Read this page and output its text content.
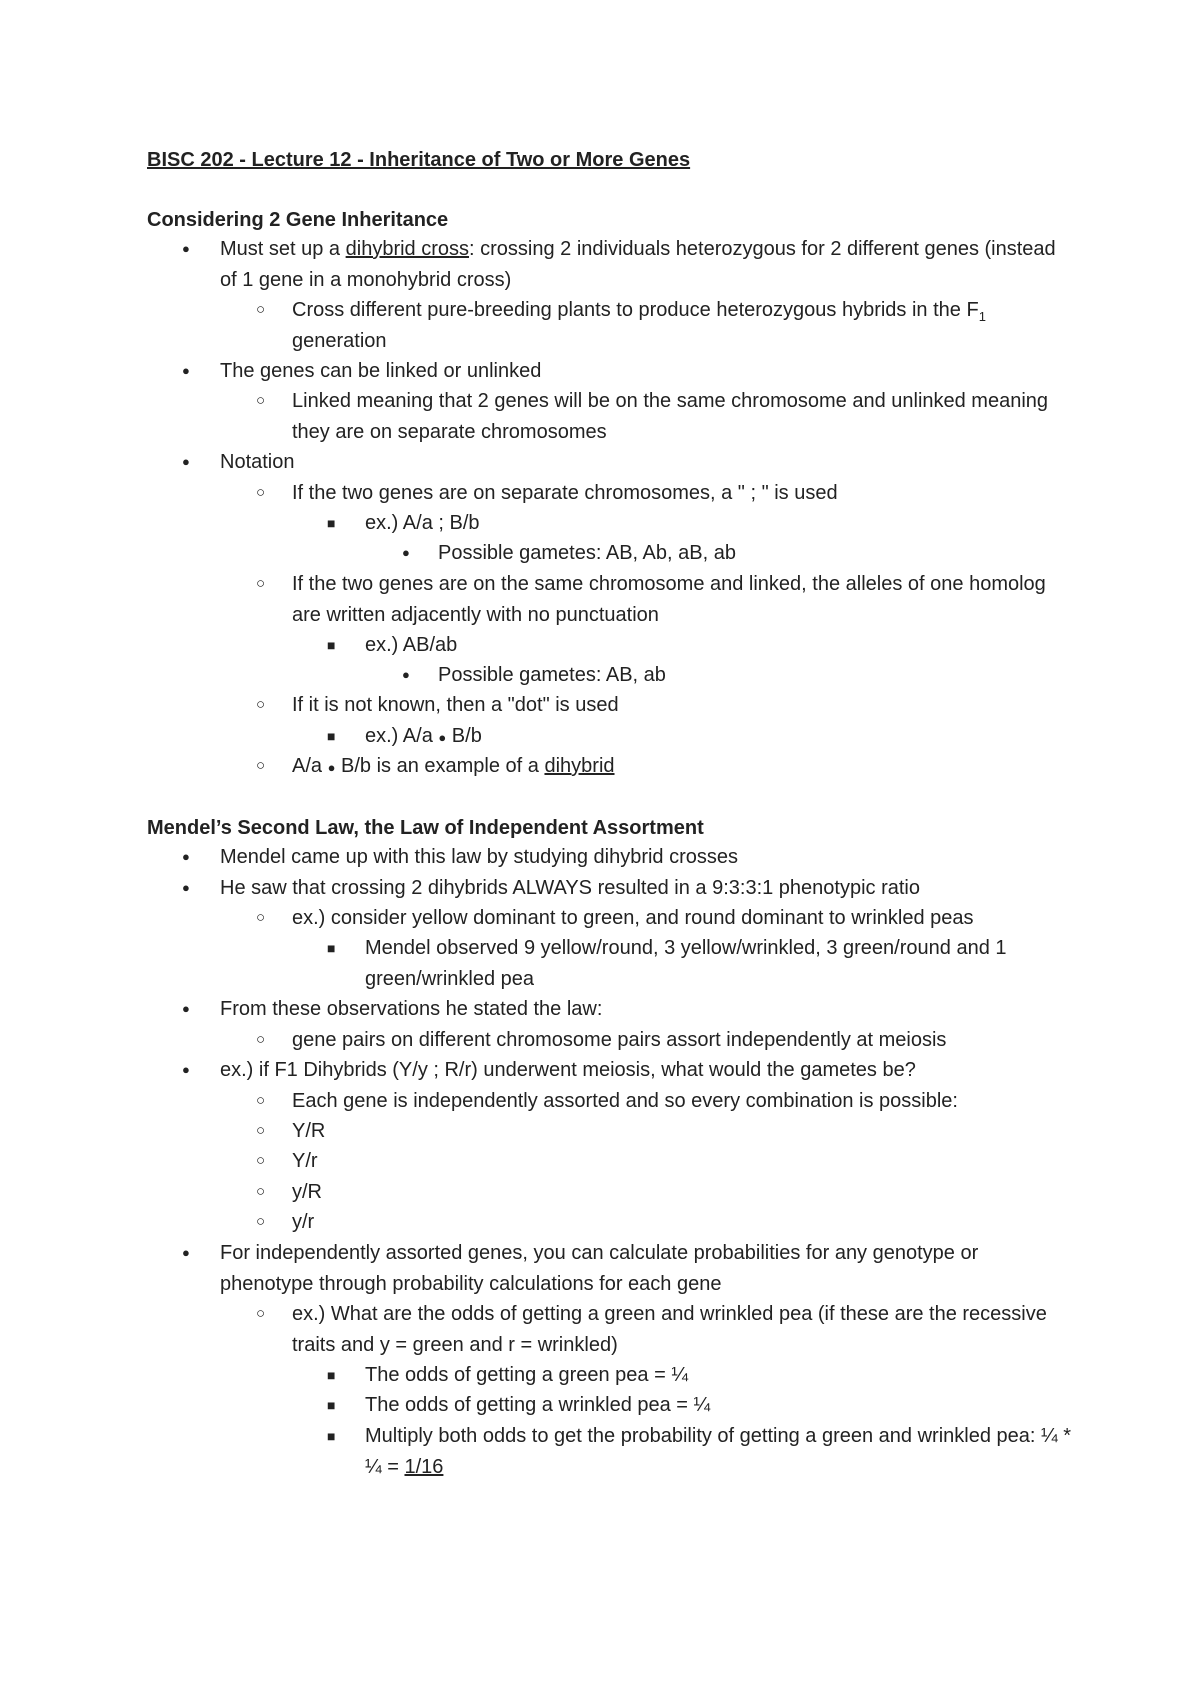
BISC 202 - Lecture 12 - Inheritance of Two or More Genes
Considering 2 Gene Inheritance
● Must set up a dihybrid cross: crossing 2 individuals heterozygous for 2 different genes (instead of 1 gene in a monohybrid cross)
○ Cross different pure-breeding plants to produce heterozygous hybrids in the $F_1$ generation
● The genes can be linked or unlinked
○ Linked meaning that 2 genes will be on the same chromosome and unlinked meaning they are on separate chromosomes
● Notation
○ If the two genes are on separate chromosomes, a " ; " is used
■ ex.) A/a ; B/b
● Possible gametes: AB, Ab, aB, ab
○ If the two genes are on the same chromosome and linked, the alleles of one homolog are written adjacently with no punctuation
■ ex.) AB/ab
● Possible gametes: AB, ab
○ If it is not known, then a "dot" is used
■ ex.) A/a ● B/b
○ A/a ● B/b is an example of a dihybrid
Mendel’s Second Law, the Law of Independent Assortment
● Mendel came up with this law by studying dihybrid crosses
● He saw that crossing 2 dihybrids ALWAYS resulted in a 9:3:3:1 phenotypic ratio
○ ex.) consider yellow dominant to green, and round dominant to wrinkled peas
■ Mendel observed 9 yellow/round, 3 yellow/wrinkled, 3 green/round and 1 green/wrinkled pea
● From these observations he stated the law:
○ gene pairs on different chromosome pairs assort independently at meiosis
● ex.) if F1 Dihybrids (Y/y ; R/r) underwent meiosis, what would the gametes be?
○ Each gene is independently assorted and so every combination is possible:
○ Y/R
○ Y/r
○ y/R
○ y/r
● For independently assorted genes, you can calculate probabilities for any genotype or phenotype through probability calculations for each gene
○ ex.) What are the odds of getting a green and wrinkled pea (if these are the recessive traits and y = green and r = wrinkled)
■ The odds of getting a green pea = ¼
■ The odds of getting a wrinkled pea = ¼
■ Multiply both odds to get the probability of getting a green and wrinkled pea: ¼ * ¼ = 1/16
